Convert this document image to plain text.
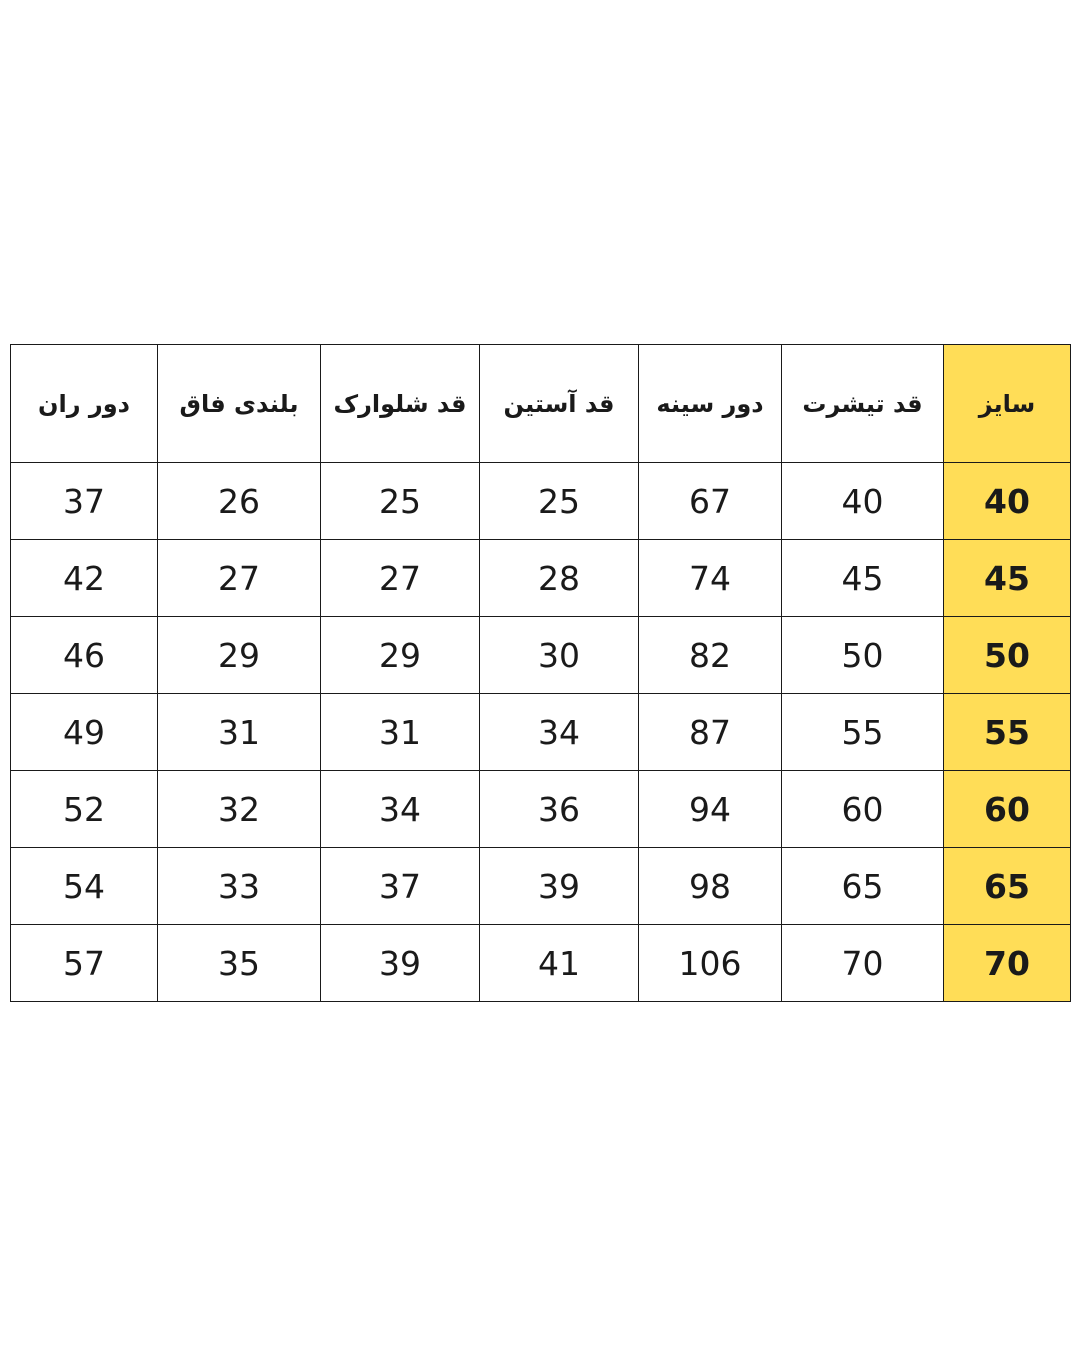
دور ران	بلندی فاق	قد شلوارک	قد آستین	دور سینه	قد تیشرت	سایز
37	26	25	25	67	40	40
42	27	27	28	74	45	45
46	29	29	30	82	50	50
49	31	31	34	87	55	55
52	32	34	36	94	60	60
54	33	37	39	98	65	65
57	35	39	41	106	70	70
